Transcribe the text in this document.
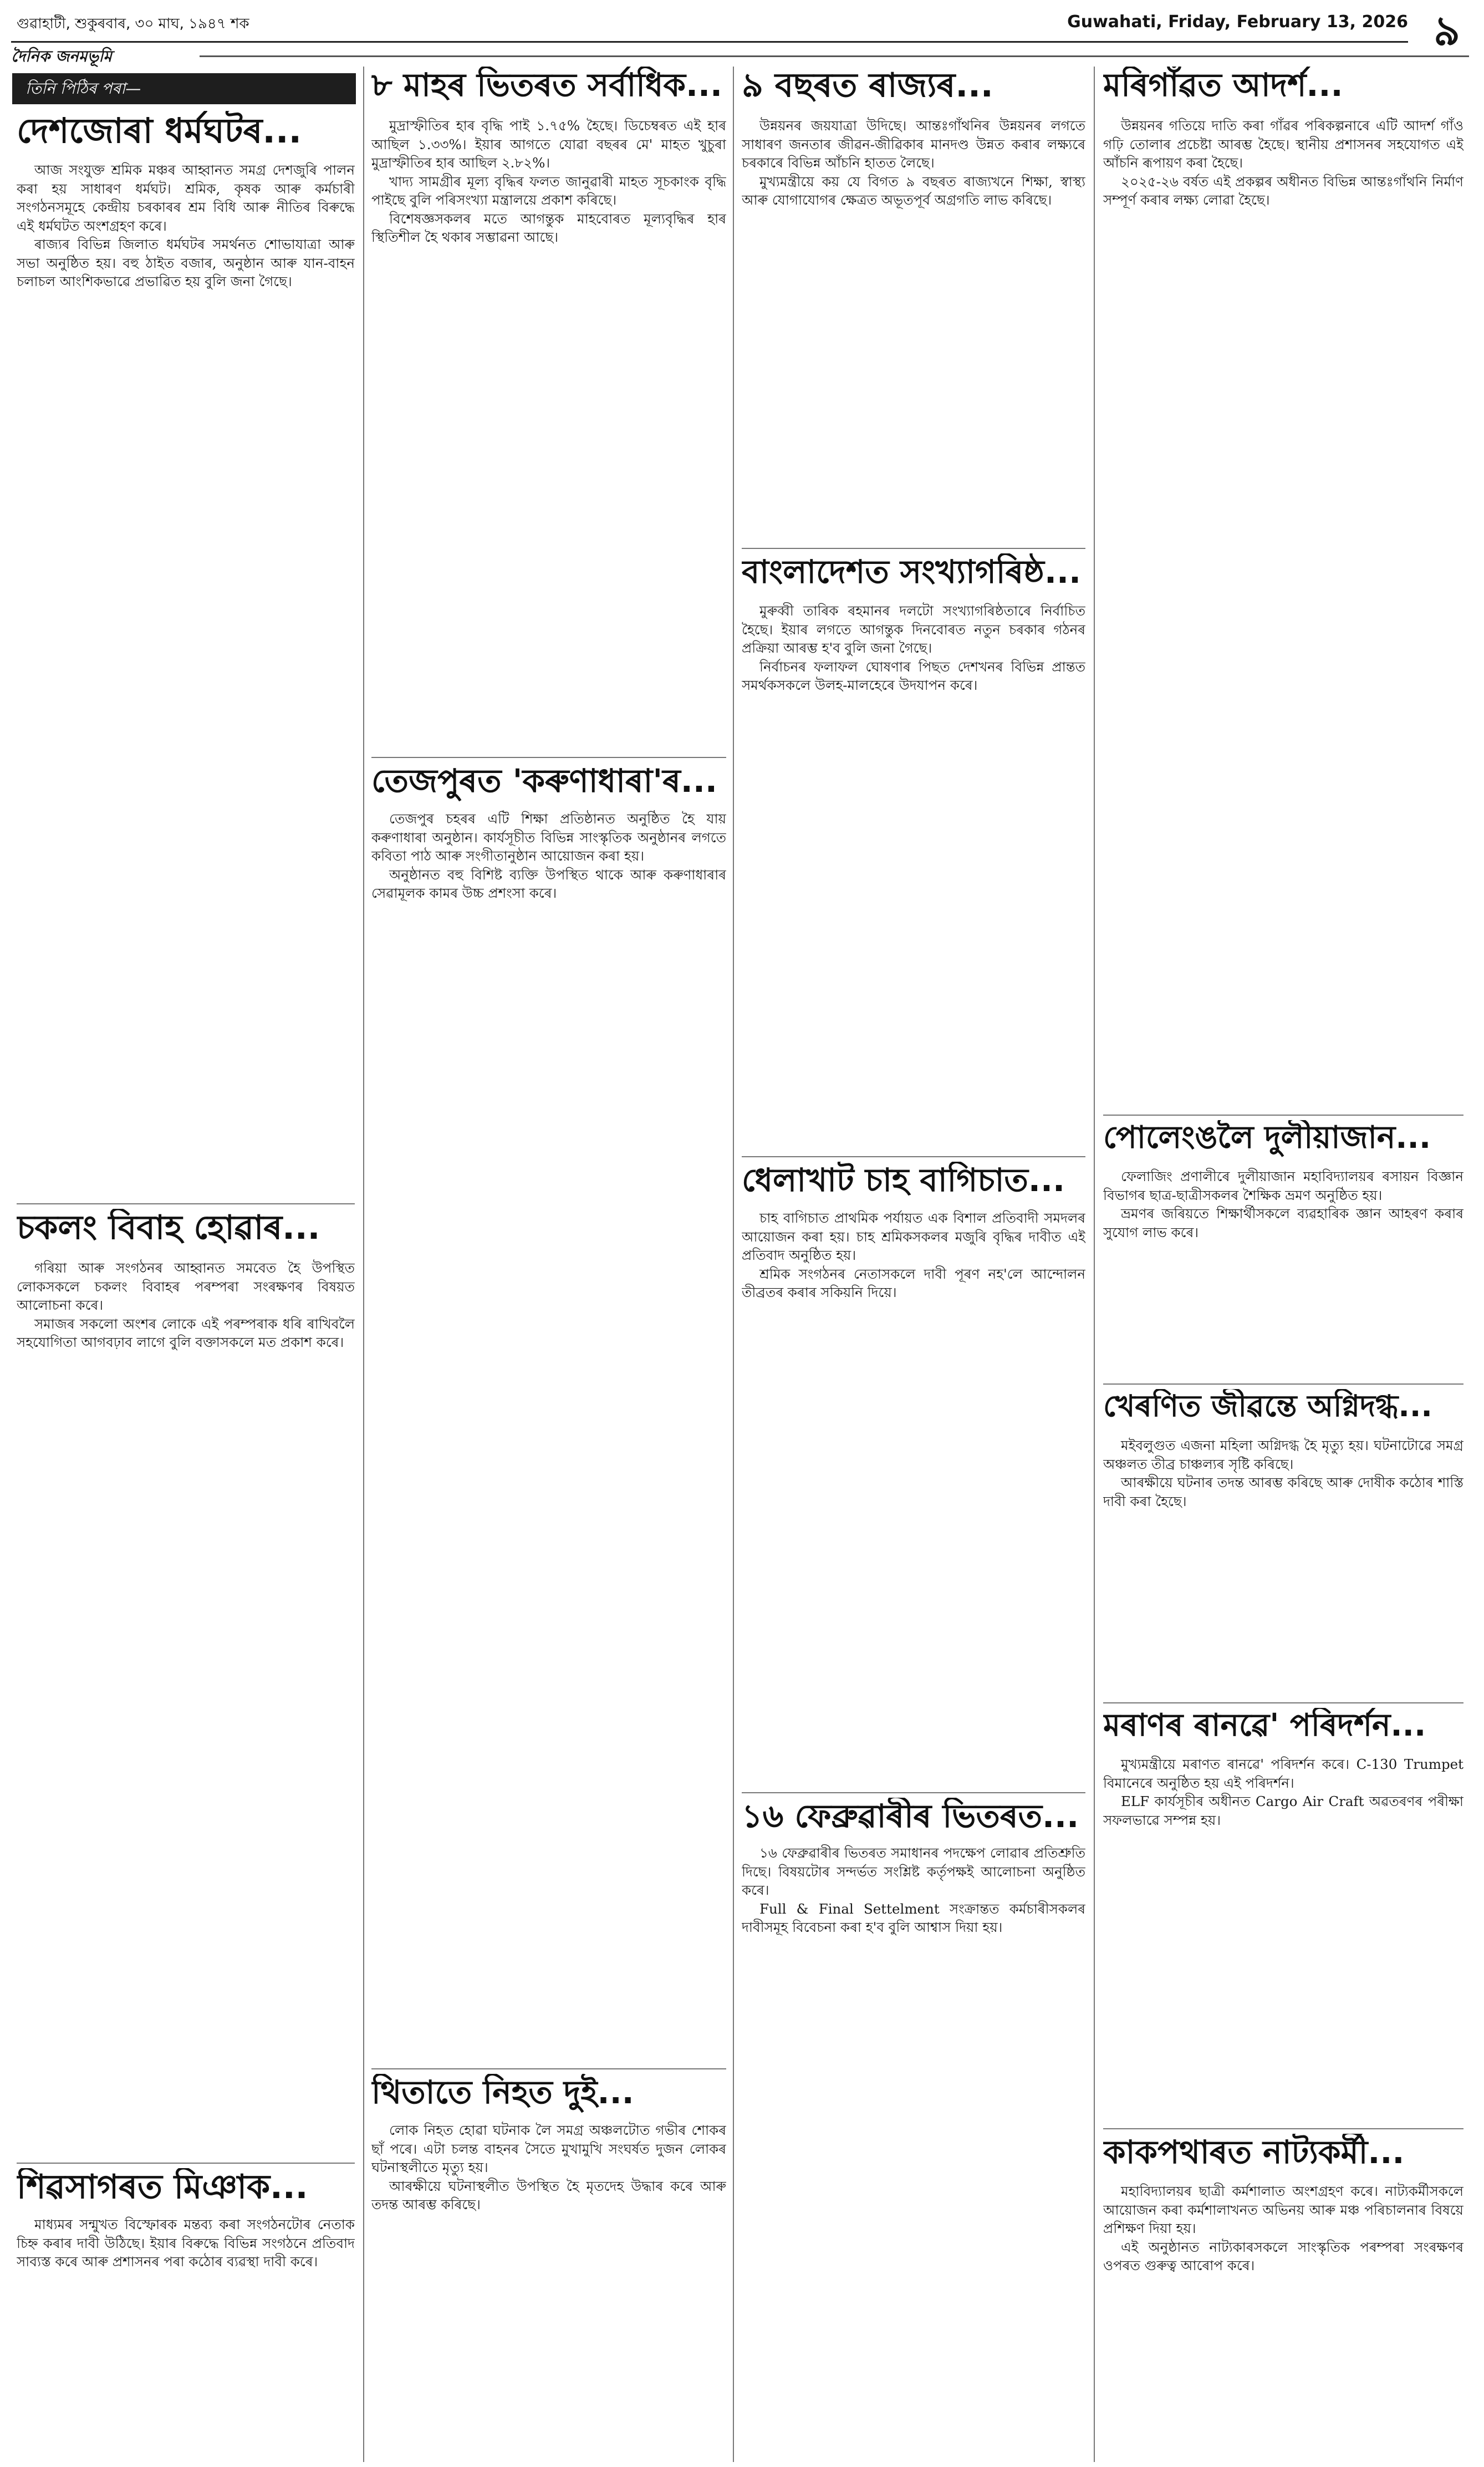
গুৱাহাটী, শুকুৰবাৰ, ৩০ মাঘ, ১৯৪৭ শক	Guwahati, Friday, February 13, 2026 ৯
দৈনিক জনমভূমি
তিনি পিঠিৰ পৰা—
দেশজোৰা ধৰ্মঘটৰ...

আজ সংযুক্ত শ্ৰমিক মঞ্চৰ আহ্বানত সমগ্ৰ দেশজুৰি পালন কৰা হয় সাধাৰণ ধৰ্মঘট। শ্ৰমিক, কৃষক আৰু কৰ্মচাৰী সংগঠনসমূহে কেন্দ্ৰীয় চৰকাৰৰ শ্ৰম বিধি আৰু নীতিৰ বিৰুদ্ধে এই ধৰ্মঘটত অংশগ্ৰহণ কৰে।

ৰাজ্যৰ বিভিন্ন জিলাত ধৰ্মঘটৰ সমৰ্থনত শোভাযাত্ৰা আৰু সভা অনুষ্ঠিত হয়। বহু ঠাইত বজাৰ, অনুষ্ঠান আৰু যান-বাহন চলাচল আংশিকভাৱে প্ৰভাৱিত হয় বুলি জনা গৈছে।

চকলং বিবাহ হোৱাৰ...

গৰিয়া আৰু সংগঠনৰ আহ্বানত সমবেত হৈ উপস্থিত লোকসকলে চকলং বিবাহৰ পৰম্পৰা সংৰক্ষণৰ বিষয়ত আলোচনা কৰে।

সমাজৰ সকলো অংশৰ লোকে এই পৰম্পৰাক ধৰি ৰাখিবলৈ সহযোগিতা আগবঢ়াব লাগে বুলি বক্তাসকলে মত প্ৰকাশ কৰে।

শিৱসাগৰত মিঞাক...

মাধ্যমৰ সন্মুখত বিস্ফোৰক মন্তব্য কৰা সংগঠনটোৰ নেতাক চিহ্ন কৰাৰ দাবী উঠিছে। ইয়াৰ বিৰুদ্ধে বিভিন্ন সংগঠনে প্ৰতিবাদ সাব্যস্ত কৰে আৰু প্ৰশাসনৰ পৰা কঠোৰ ব্যৱস্থা দাবী কৰে।

৮ মাহৰ ভিতৰত সৰ্বাধিক...

মুদ্ৰাস্ফীতিৰ হাৰ বৃদ্ধি পাই ১.৭৫% হৈছে। ডিচেম্বৰত এই হাৰ আছিল ১.৩৩%। ইয়াৰ আগতে যোৱা বছৰৰ মে' মাহত খুচুৰা মুদ্ৰাস্ফীতিৰ হাৰ আছিল ২.৮২%।

খাদ্য সামগ্ৰীৰ মূল্য বৃদ্ধিৰ ফলত জানুৱাৰী মাহত সূচকাংক বৃদ্ধি পাইছে বুলি পৰিসংখ্যা মন্ত্ৰালয়ে প্ৰকাশ কৰিছে।

বিশেষজ্ঞসকলৰ মতে আগন্তুক মাহবোৰত মূল্যবৃদ্ধিৰ হাৰ স্থিতিশীল হৈ থকাৰ সম্ভাৱনা আছে।

তেজপুৰত 'কৰুণাধাৰা'ৰ...

তেজপুৰ চহৰৰ এটি শিক্ষা প্ৰতিষ্ঠানত অনুষ্ঠিত হৈ যায় কৰুণাধাৰা অনুষ্ঠান। কাৰ্যসূচীত বিভিন্ন সাংস্কৃতিক অনুষ্ঠানৰ লগতে কবিতা পাঠ আৰু সংগীতানুষ্ঠান আয়োজন কৰা হয়।

অনুষ্ঠানত বহু বিশিষ্ট ব্যক্তি উপস্থিত থাকে আৰু কৰুণাধাৰাৰ সেৱামূলক কামৰ উচ্চ প্ৰশংসা কৰে।

থিতাতে নিহত দুই...

লোক নিহত হোৱা ঘটনাক লৈ সমগ্ৰ অঞ্চলটোত গভীৰ শোকৰ ছাঁ পৰে। এটা চলন্ত বাহনৰ সৈতে মুখামুখি সংঘৰ্ষত দুজন লোকৰ ঘটনাস্থলীতে মৃত্যু হয়।

আৰক্ষীয়ে ঘটনাস্থলীত উপস্থিত হৈ মৃতদেহ উদ্ধাৰ কৰে আৰু তদন্ত আৰম্ভ কৰিছে।

৯ বছৰত ৰাজ্যৰ...

উন্নয়নৰ জয়যাত্ৰা উদিছে। আন্তঃগাঁথনিৰ উন্নয়নৰ লগতে সাধাৰণ জনতাৰ জীৱন-জীৱিকাৰ মানদণ্ড উন্নত কৰাৰ লক্ষ্যৰে চৰকাৰে বিভিন্ন আঁচনি হাতত লৈছে।

মুখ্যমন্ত্ৰীয়ে কয় যে বিগত ৯ বছৰত ৰাজ্যখনে শিক্ষা, স্বাস্থ্য আৰু যোগাযোগৰ ক্ষেত্ৰত অভূতপূৰ্ব অগ্ৰগতি লাভ কৰিছে।

বাংলাদেশত সংখ্যাগৰিষ্ঠ...

মুৰুব্বী তাৰিক ৰহমানৰ দলটো সংখ্যাগৰিষ্ঠতাৰে নিৰ্বাচিত হৈছে। ইয়াৰ লগতে আগন্তুক দিনবোৰত নতুন চৰকাৰ গঠনৰ প্ৰক্ৰিয়া আৰম্ভ হ'ব বুলি জনা গৈছে।

নিৰ্বাচনৰ ফলাফল ঘোষণাৰ পিছত দেশখনৰ বিভিন্ন প্ৰান্তত সমৰ্থকসকলে উলহ-মালহেৰে উদযাপন কৰে।

ধেলাখাট চাহ বাগিচাত...

চাহ বাগিচাত প্ৰাথমিক পৰ্যায়ত এক বিশাল প্ৰতিবাদী সমদলৰ আয়োজন কৰা হয়। চাহ শ্ৰমিকসকলৰ মজুৰি বৃদ্ধিৰ দাবীত এই প্ৰতিবাদ অনুষ্ঠিত হয়।

শ্ৰমিক সংগঠনৰ নেতাসকলে দাবী পূৰণ নহ'লে আন্দোলন তীব্ৰতৰ কৰাৰ সকিয়নি দিয়ে।

১৬ ফেব্ৰুৱাৰীৰ ভিতৰত...

১৬ ফেব্ৰুৱাৰীৰ ভিতৰত সমাধানৰ পদক্ষেপ লোৱাৰ প্ৰতিশ্ৰুতি দিছে। বিষয়টোৰ সন্দৰ্ভত সংশ্লিষ্ট কৰ্তৃপক্ষই আলোচনা অনুষ্ঠিত কৰে।

Full & Final Settelment সংক্ৰান্তত কৰ্মচাৰীসকলৰ দাবীসমূহ বিবেচনা কৰা হ'ব বুলি আশ্বাস দিয়া হয়।

মৰিগাঁৱত আদৰ্শ...

উন্নয়নৰ গতিয়ে দাতি কৰা গাঁৱৰ পৰিকল্পনাৰে এটি আদৰ্শ গাঁও গঢ়ি তোলাৰ প্ৰচেষ্টা আৰম্ভ হৈছে। স্থানীয় প্ৰশাসনৰ সহযোগত এই আঁচনি ৰূপায়ণ কৰা হৈছে।

২০২৫-২৬ বৰ্ষত এই প্ৰকল্পৰ অধীনত বিভিন্ন আন্তঃগাঁথনি নিৰ্মাণ সম্পূৰ্ণ কৰাৰ লক্ষ্য লোৱা হৈছে।

পোলেংঙলৈ দুলীয়াজান...

ফেলাজিং প্ৰণালীৰে দুলীয়াজান মহাবিদ্যালয়ৰ ৰসায়ন বিজ্ঞান বিভাগৰ ছাত্ৰ-ছাত্ৰীসকলৰ শৈক্ষিক ভ্ৰমণ অনুষ্ঠিত হয়।

ভ্ৰমণৰ জৰিয়তে শিক্ষাৰ্থীসকলে ব্যৱহাৰিক জ্ঞান আহৰণ কৰাৰ সুযোগ লাভ কৰে।

খেৰণিত জীৱন্তে অগ্নিদগ্ধ...

মইবলুগুত এজনা মহিলা অগ্নিদগ্ধ হৈ মৃত্যু হয়। ঘটনাটোৱে সমগ্ৰ অঞ্চলত তীব্ৰ চাঞ্চল্যৰ সৃষ্টি কৰিছে।

আৰক্ষীয়ে ঘটনাৰ তদন্ত আৰম্ভ কৰিছে আৰু দোষীক কঠোৰ শাস্তি দাবী কৰা হৈছে।

মৰাণৰ ৰানৱে' পৰিদৰ্শন...

মুখ্যমন্ত্ৰীয়ে মৰাণত ৰানৱে' পৰিদৰ্শন কৰে। C-130 Trumpet বিমানেৰে অনুষ্ঠিত হয় এই পৰিদৰ্শন।

ELF কাৰ্যসূচীৰ অধীনত Cargo Air Craft অৱতৰণৰ পৰীক্ষা সফলভাৱে সম্পন্ন হয়।

কাকপথাৰত নাট্যকৰ্মী...

মহাবিদ্যালয়ৰ ছাত্ৰী কৰ্মশালাত অংশগ্ৰহণ কৰে। নাট্যকৰ্মীসকলে আয়োজন কৰা কৰ্মশালাখনত অভিনয় আৰু মঞ্চ পৰিচালনাৰ বিষয়ে প্ৰশিক্ষণ দিয়া হয়।

এই অনুষ্ঠানত নাট্যকাৰসকলে সাংস্কৃতিক পৰম্পৰা সংৰক্ষণৰ ওপৰত গুৰুত্ব আৰোপ কৰে।
